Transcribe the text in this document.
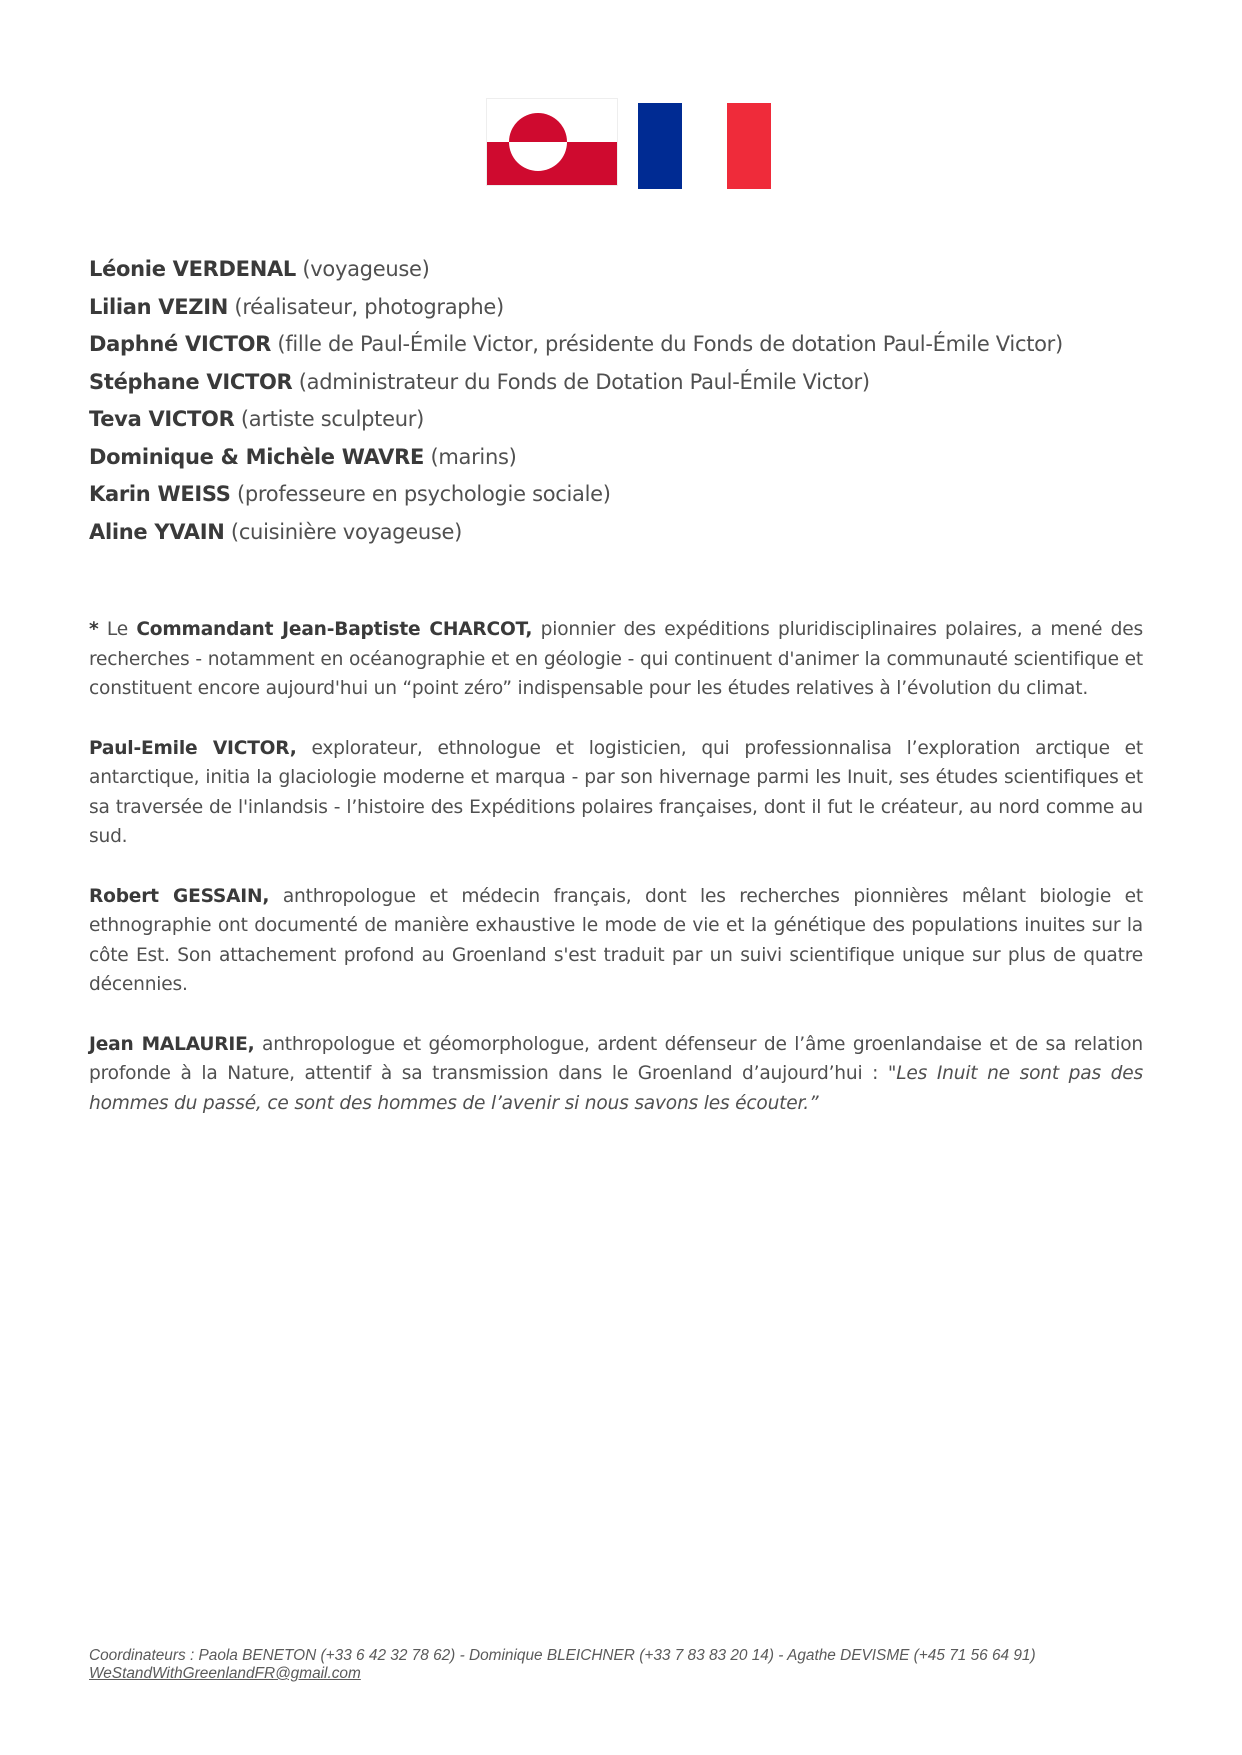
Léonie VERDENAL (voyageuse)
Lilian VEZIN (réalisateur, photographe)
Daphné VICTOR (fille de Paul-Émile Victor, présidente du Fonds de dotation Paul-Émile Victor)
Stéphane VICTOR (administrateur du Fonds de Dotation Paul-Émile Victor)
Teva VICTOR (artiste sculpteur)
Dominique & Michèle WAVRE (marins)
Karin WEISS (professeure en psychologie sociale)
Aline YVAIN (cuisinière voyageuse)

* Le Commandant Jean-Baptiste CHARCOT, pionnier des expéditions pluridisciplinaires polaires, a mené des recherches - notamment en océanographie et en géologie - qui continuent d'animer la communauté scientifique et constituent encore aujourd'hui un “point zéro” indispensable pour les études relatives à l’évolution du climat.

Paul-Emile VICTOR, explorateur, ethnologue et logisticien, qui professionnalisa l’exploration arctique et antarctique, initia la glaciologie moderne et marqua - par son hivernage parmi les Inuit, ses études scientifiques et sa traversée de l'inlandsis - l’histoire des Expéditions polaires françaises, dont il fut le créateur, au nord comme au sud.

Robert GESSAIN, anthropologue et médecin français, dont les recherches pionnières mêlant biologie et ethnographie ont documenté de manière exhaustive le mode de vie et la génétique des populations inuites sur la côte Est. Son attachement profond au Groenland s'est traduit par un suivi scientifique unique sur plus de quatre décennies.

Jean MALAURIE, anthropologue et géomorphologue, ardent défenseur de l’âme groenlandaise et de sa relation profonde à la Nature, attentif à sa transmission dans le Groenland d’aujourd’hui : "Les Inuit ne sont pas des hommes du passé, ce sont des hommes de l’avenir si nous savons les écouter.”

Coordinateurs : Paola BENETON (+33 6 42 32 78 62) - Dominique BLEICHNER (+33 7 83 83 20 14) - Agathe DEVISME (+45 71 56 64 91)
WeStandWithGreenlandFR@gmail.com
